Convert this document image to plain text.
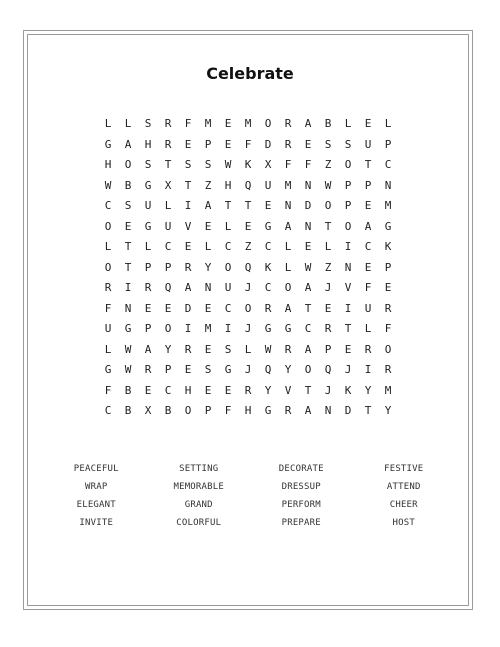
Celebrate
L	L	S	R	F	M	E	M	O	R	A	B	L	E	L
G	A	H	R	E	P	E	F	D	R	E	S	S	U	P
H	O	S	T	S	S	W	K	X	F	F	Z	O	T	C
W	B	G	X	T	Z	H	Q	U	M	N	W	P	P	N
C	S	U	L	I	A	T	T	E	N	D	O	P	E	M
O	E	G	U	V	E	L	E	G	A	N	T	O	A	G
L	T	L	C	E	L	C	Z	C	L	E	L	I	C	K
O	T	P	P	R	Y	O	Q	K	L	W	Z	N	E	P
R	I	R	Q	A	N	U	J	C	O	A	J	V	F	E
F	N	E	E	D	E	C	O	R	A	T	E	I	U	R
U	G	P	O	I	M	I	J	G	G	C	R	T	L	F
L	W	A	Y	R	E	S	L	W	R	A	P	E	R	O
G	W	R	P	E	S	G	J	Q	Y	O	Q	J	I	R
F	B	E	C	H	E	E	R	Y	V	T	J	K	Y	M
C	B	X	B	O	P	F	H	G	R	A	N	D	T	Y
PEACEFUL	SETTING	DECORATE	FESTIVE
WRAP	MEMORABLE	DRESSUP	ATTEND
ELEGANT	GRAND	PERFORM	CHEER
INVITE	COLORFUL	PREPARE	HOST
